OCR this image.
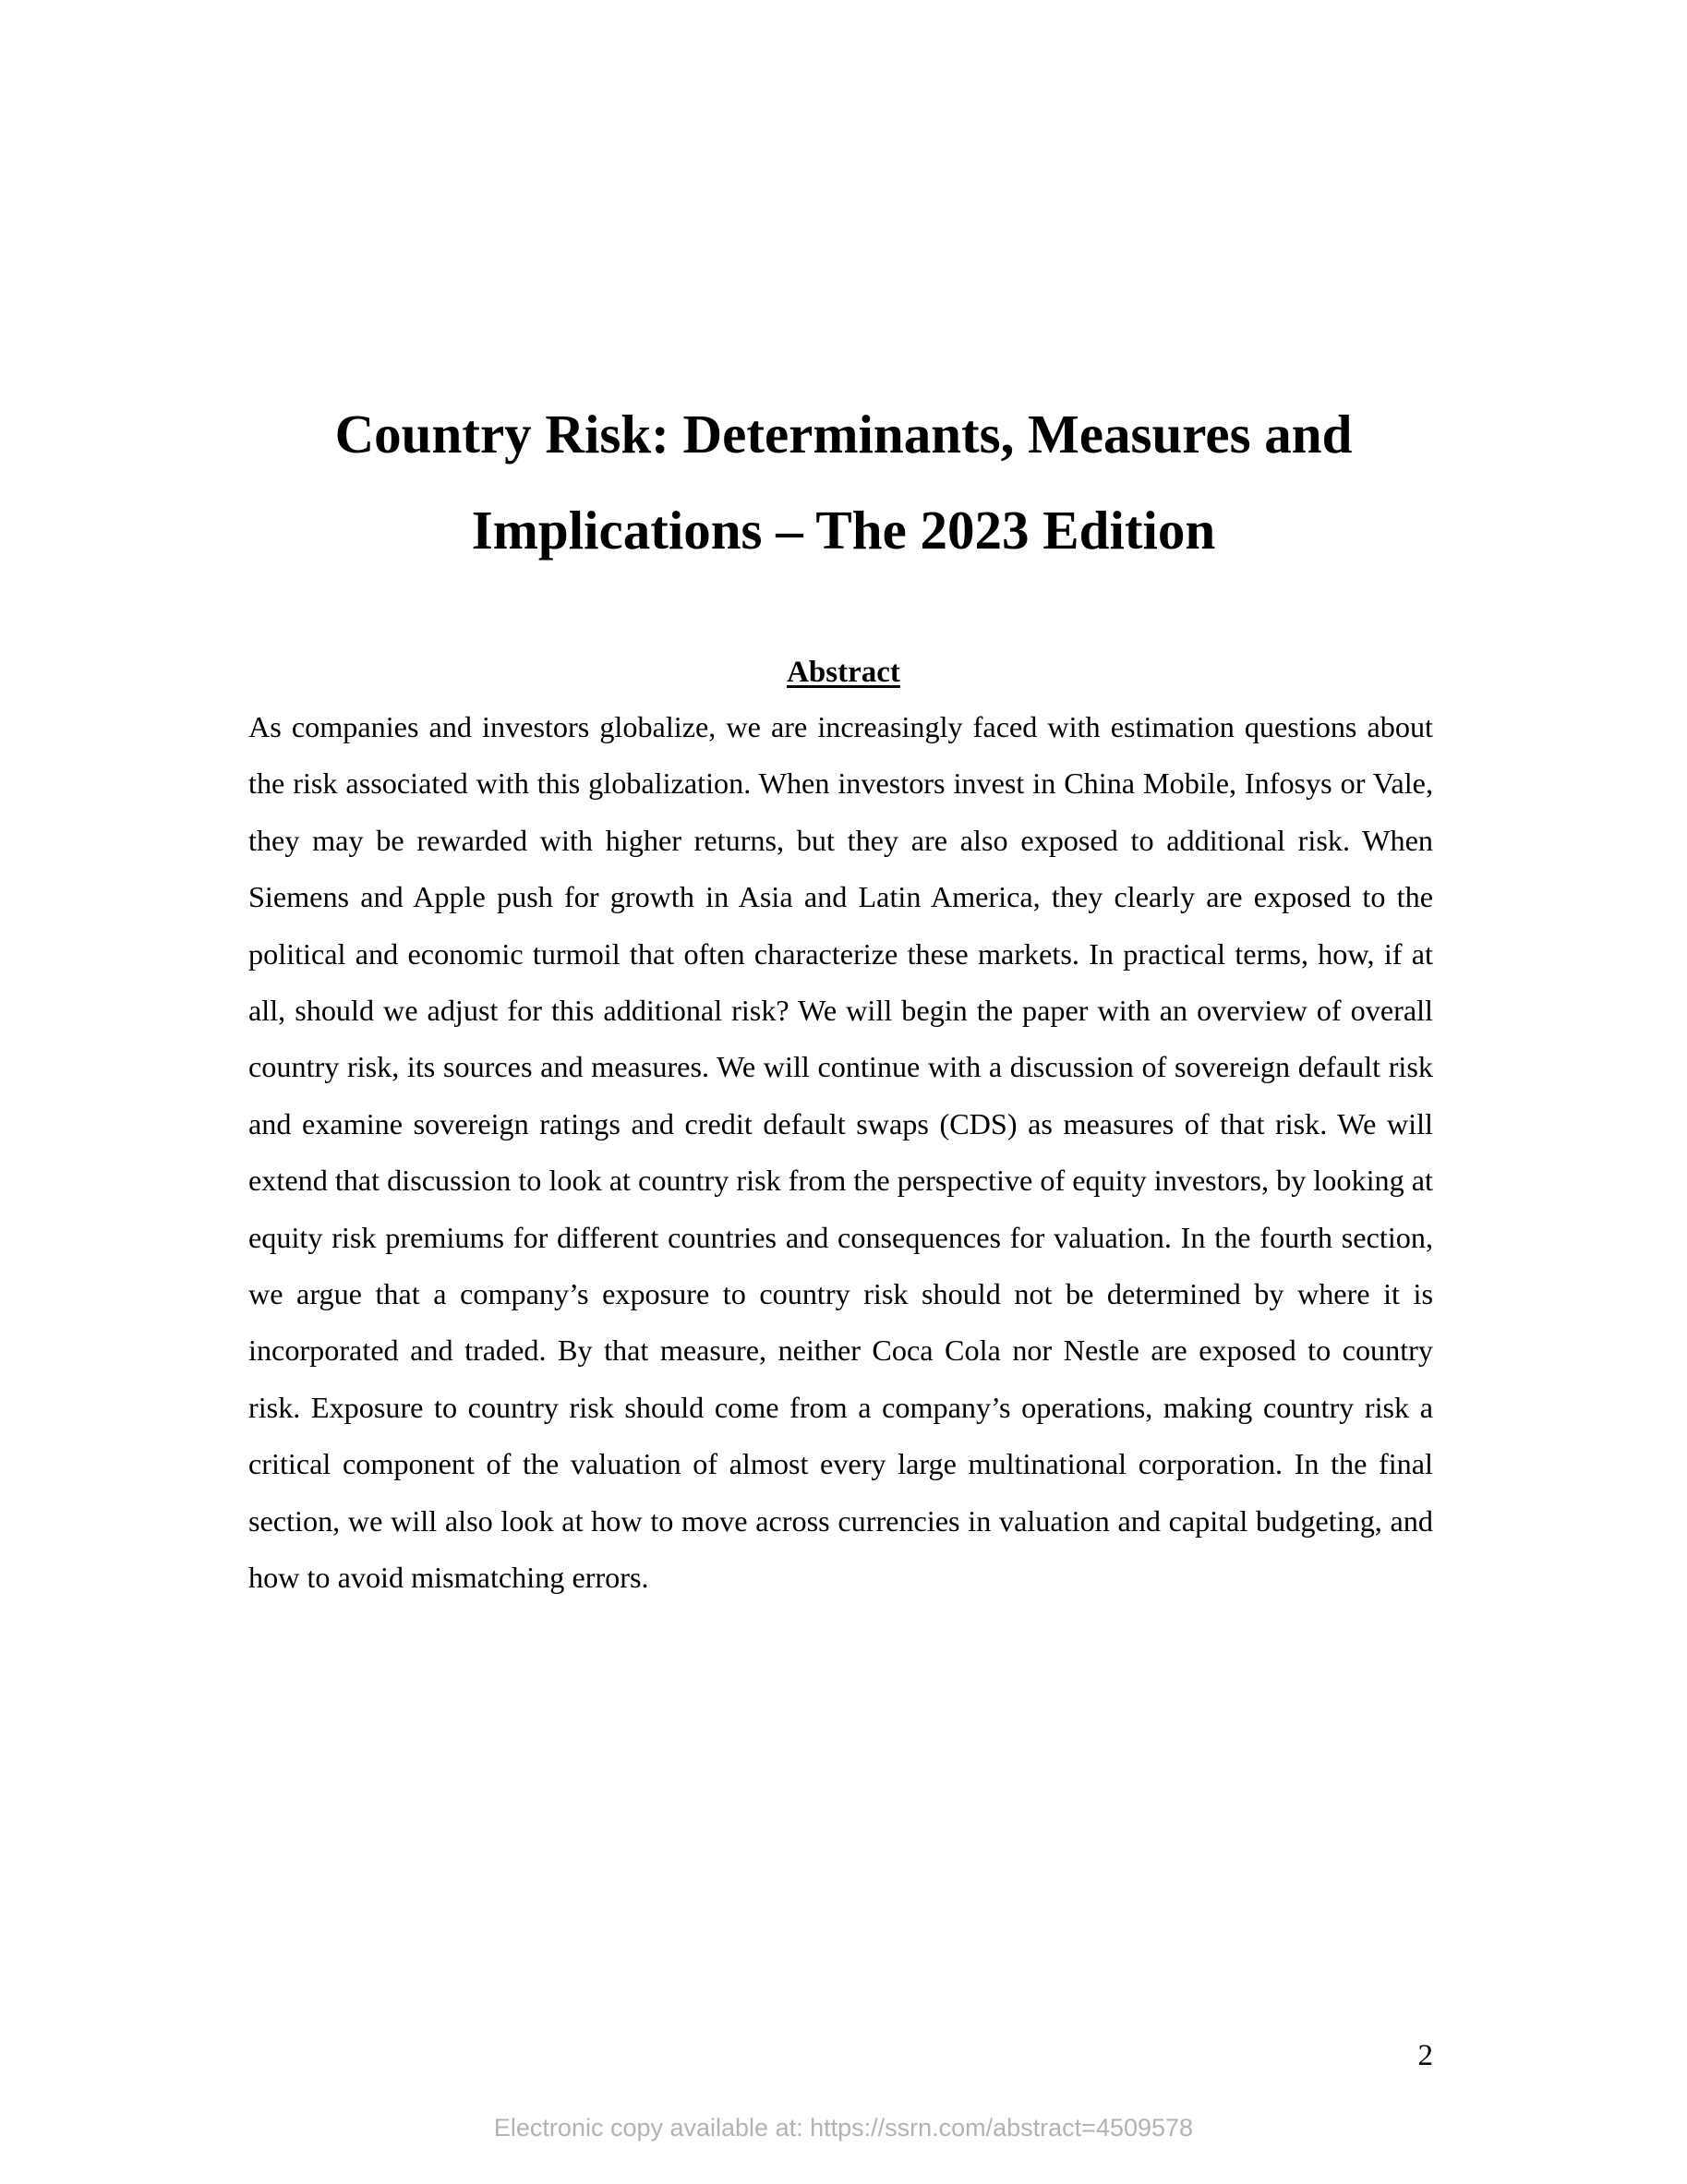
Country Risk: Determinants, Measures and
Implications – The 2023 Edition
Abstract

As companies and investors globalize, we are increasingly faced with estimation questions about the risk associated with this globalization. When investors invest in China Mobile, Infosys or Vale, they may be rewarded with higher returns, but they are also exposed to additional risk. When Siemens and Apple push for growth in Asia and Latin America, they clearly are exposed to the political and economic turmoil that often characterize these markets. In practical terms, how, if at all, should we adjust for this additional risk? We will begin the paper with an overview of overall country risk, its sources and measures. We will continue with a discussion of sovereign default risk and examine sovereign ratings and credit default swaps (CDS) as measures of that risk. We will extend that discussion to look at country risk from the perspective of equity investors, by looking at equity risk premiums for different countries and consequences for valuation. In the fourth section, we argue that a company’s exposure to country risk should not be determined by where it is incorporated and traded. By that measure, neither Coca Cola nor Nestle are exposed to country risk. Exposure to country risk should come from a company’s operations, making country risk a critical component of the valuation of almost every large multinational corporation. In the final section, we will also look at how to move across currencies in valuation and capital budgeting, and how to avoid mismatching errors.

2
Electronic copy available at: https://ssrn.com/abstract=4509578
